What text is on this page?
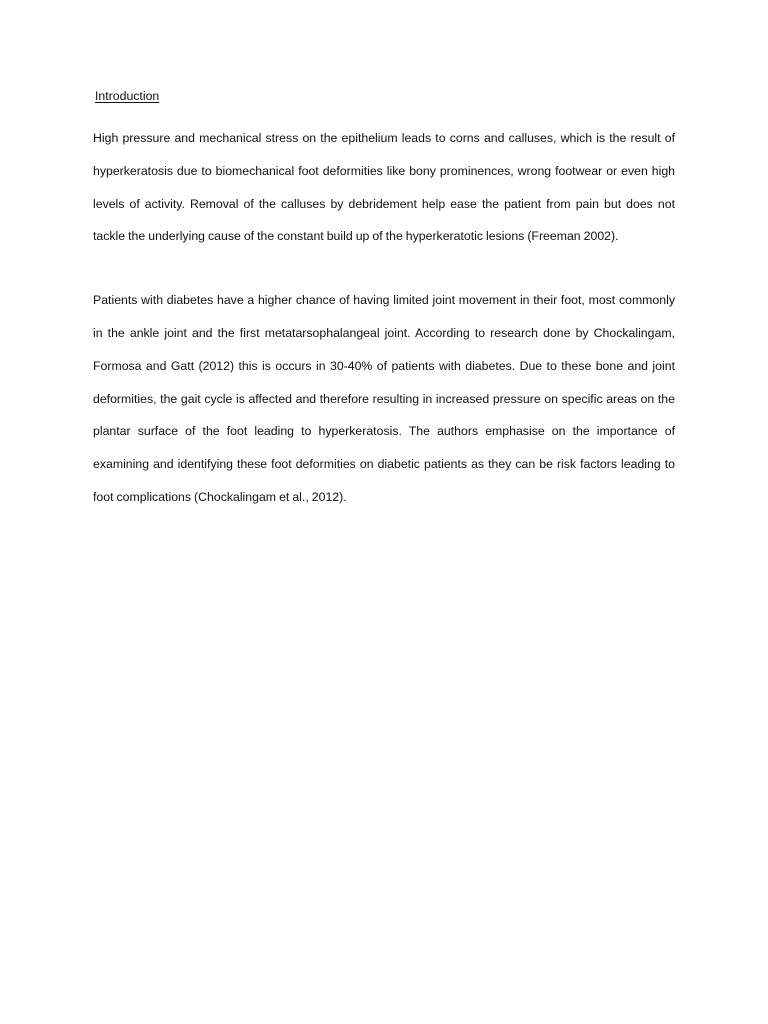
Introduction

High pressure and mechanical stress on the epithelium leads to corns and calluses, which is the result of hyperkeratosis due to biomechanical foot deformities like bony prominences, wrong footwear or even high levels of activity. Removal of the calluses by debridement help ease the patient from pain but does not tackle the underlying cause of the constant build up of the hyperkeratotic lesions (Freeman 2002).

Patients with diabetes have a higher chance of having limited joint movement in their foot, most commonly in the ankle joint and the first metatarsophalangeal joint. According to research done by Chockalingam, Formosa and Gatt (2012) this is occurs in 30-40% of patients with diabetes. Due to these bone and joint deformities, the gait cycle is affected and therefore resulting in increased pressure on specific areas on the plantar surface of the foot leading to hyperkeratosis. The authors emphasise on the importance of examining and identifying these foot deformities on diabetic patients as they can be risk factors leading to foot complications (Chockalingam et al., 2012).
